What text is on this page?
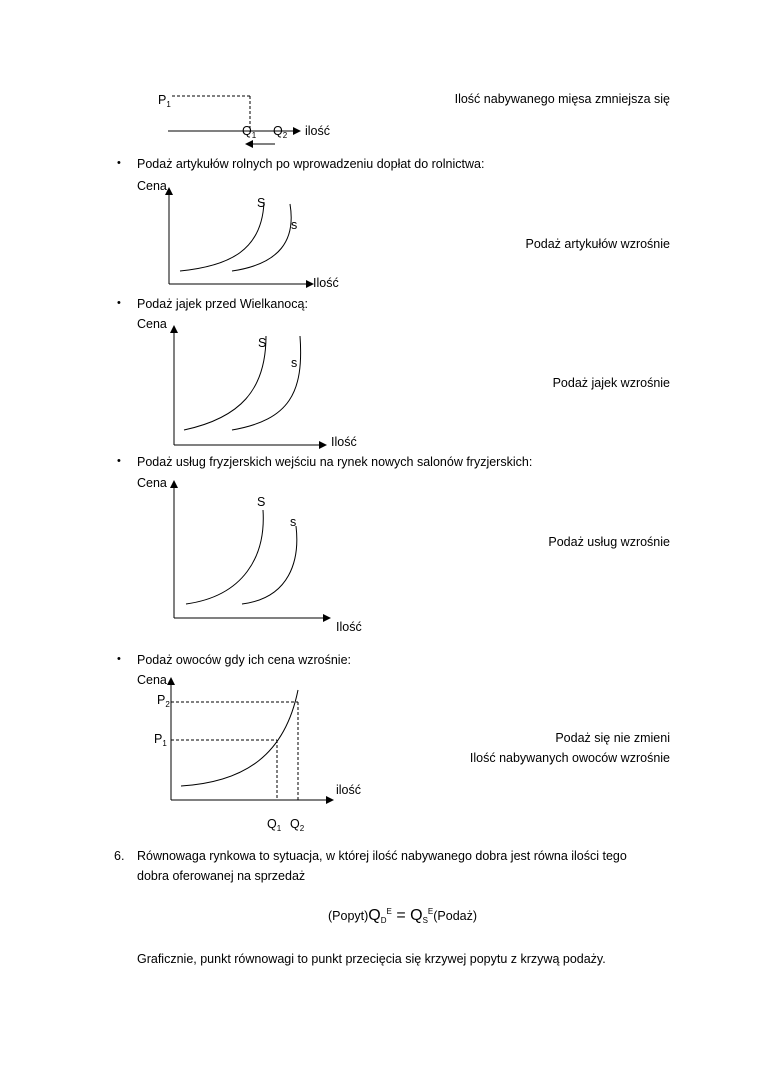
$P_1$
$Q_1$ $Q_2$ ilość
Ilość nabywanego mięsa zmniejsza się
• Podaż artykułów rolnych po wprowadzeniu dopłat do rolnictwa:
Cena
S
s
Ilość
Podaż artykułów wzrośnie
• Podaż jajek przed Wielkanocą:
Cena
S
s
Ilość
Podaż jajek wzrośnie
• Podaż usług fryzjerskich wejściu na rynek nowych salonów fryzjerskich:
Cena
S
s
Ilość
Podaż usług wzrośnie
• Podaż owoców gdy ich cena wzrośnie:
Cena
$P_2$
$P_1$
ilość
$Q_1$ $Q_2$
Podaż się nie zmieni
Ilość nabywanych owoców wzrośnie
6. Równowaga rynkowa to sytuacja, w której ilość nabywanego dobra jest równa ilości tego
dobra oferowanej na sprzedaż
$(Popyt)Q_D^E$ = $Q_S^E(Podaż)$
Graficznie, punkt równowagi to punkt przecięcia się krzywej popytu z krzywą podaży.
